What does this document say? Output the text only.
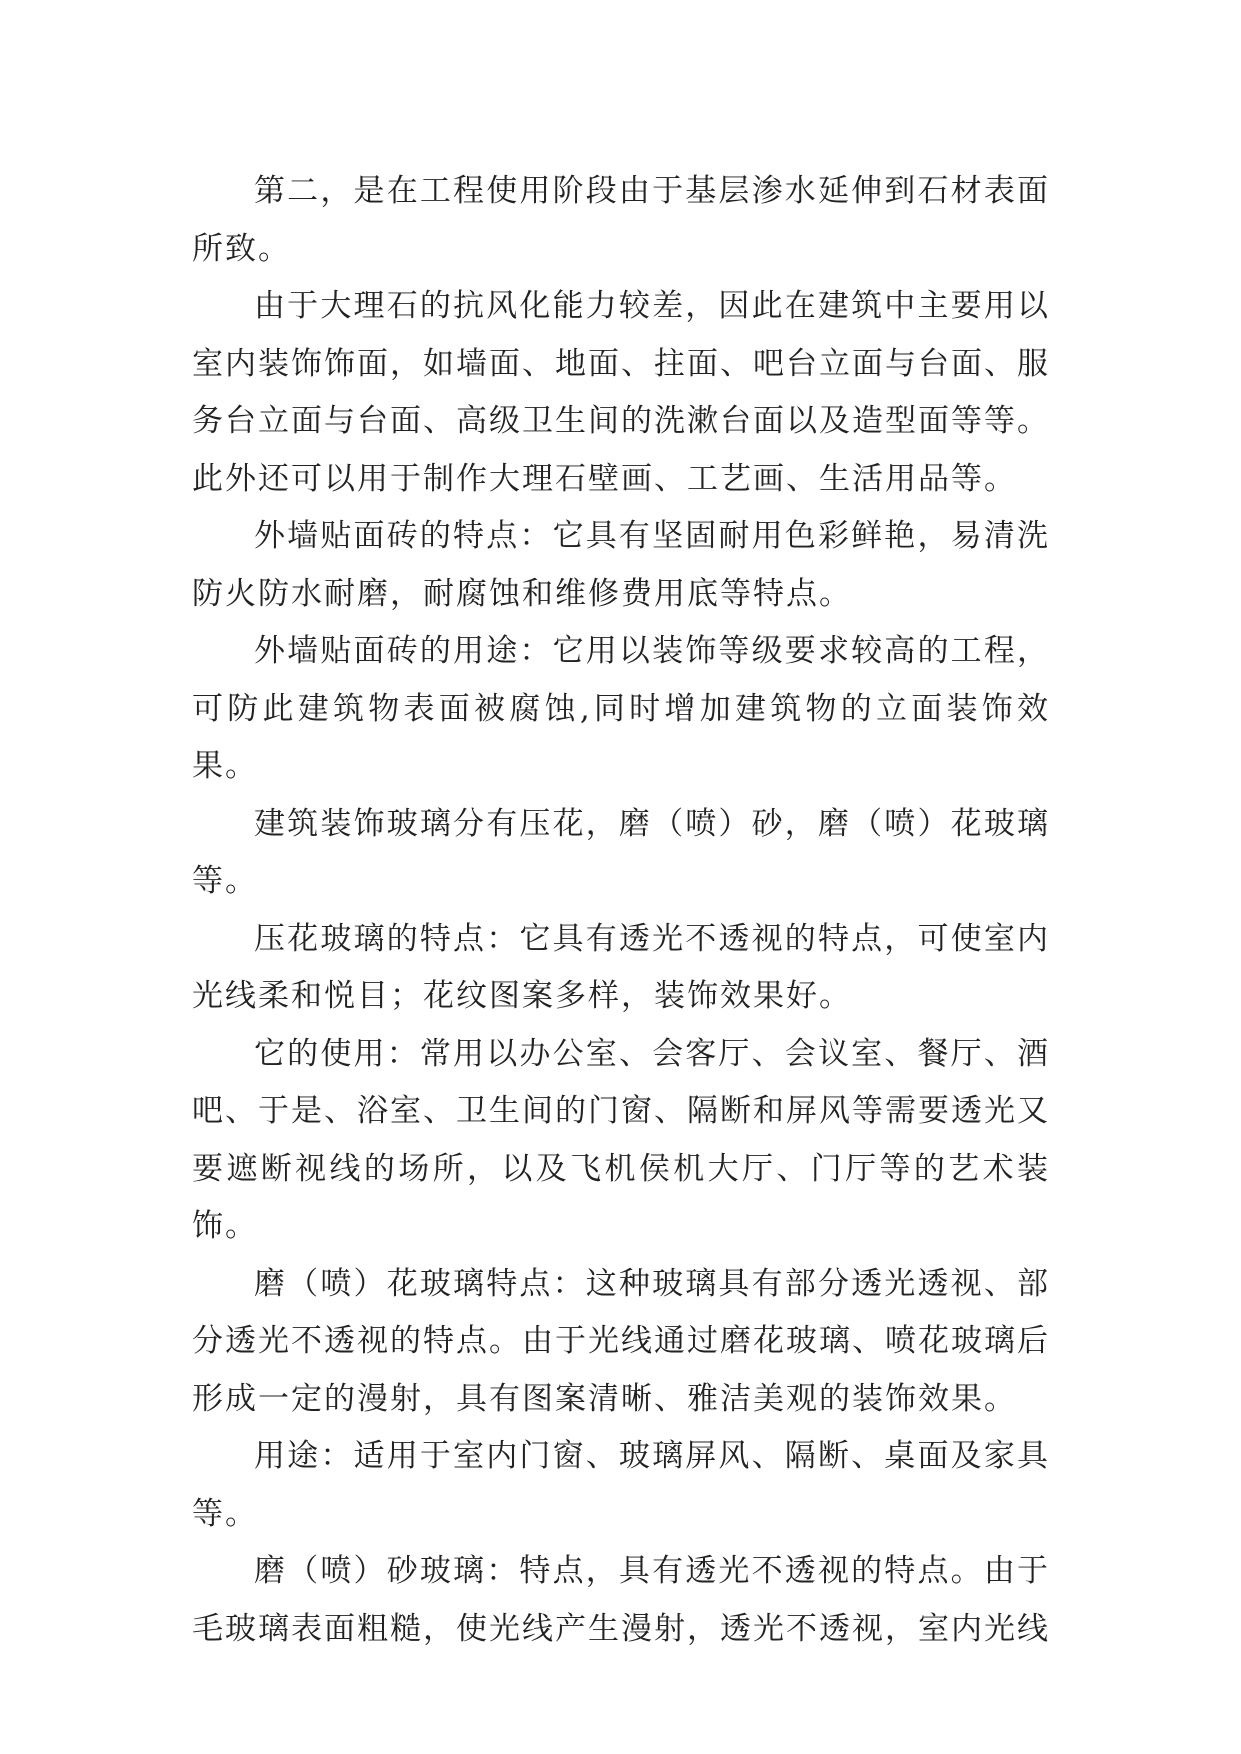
第二，是在工程使用阶段由于基层渗水延伸到石材表面所致。

由于大理石的抗风化能力较差，因此在建筑中主要用以室内装饰饰面，如墙面、地面、拄面、吧台立面与台面、服务台立面与台面、高级卫生间的洗漱台面以及造型面等等。此外还可以用于制作大理石壁画、工艺画、生活用品等。

外墙贴面砖的特点：它具有坚固耐用色彩鲜艳，易清洗防火防水耐磨，耐腐蚀和维修费用底等特点。

外墙贴面砖的用途：它用以装饰等级要求较高的工程，可防此建筑物表面被腐蚀,同时增加建筑物的立面装饰效果。

建筑装饰玻璃分有压花，磨（喷）砂，磨（喷）花玻璃等。

压花玻璃的特点：它具有透光不透视的特点，可使室内光线柔和悦目；花纹图案多样，装饰效果好。

它的使用：常用以办公室、会客厅、会议室、餐厅、酒吧、于是、浴室、卫生间的门窗、隔断和屏风等需要透光又要遮断视线的场所，以及飞机侯机大厅、门厅等的艺术装饰。

磨（喷）花玻璃特点：这种玻璃具有部分透光透视、部分透光不透视的特点。由于光线通过磨花玻璃、喷花玻璃后形成一定的漫射，具有图案清晰、雅洁美观的装饰效果。

用途：适用于室内门窗、玻璃屏风、隔断、桌面及家具等。

磨（喷）砂玻璃：特点，具有透光不透视的特点。由于毛玻璃表面粗糙，使光线产生漫射，透光不透视，室内光线
